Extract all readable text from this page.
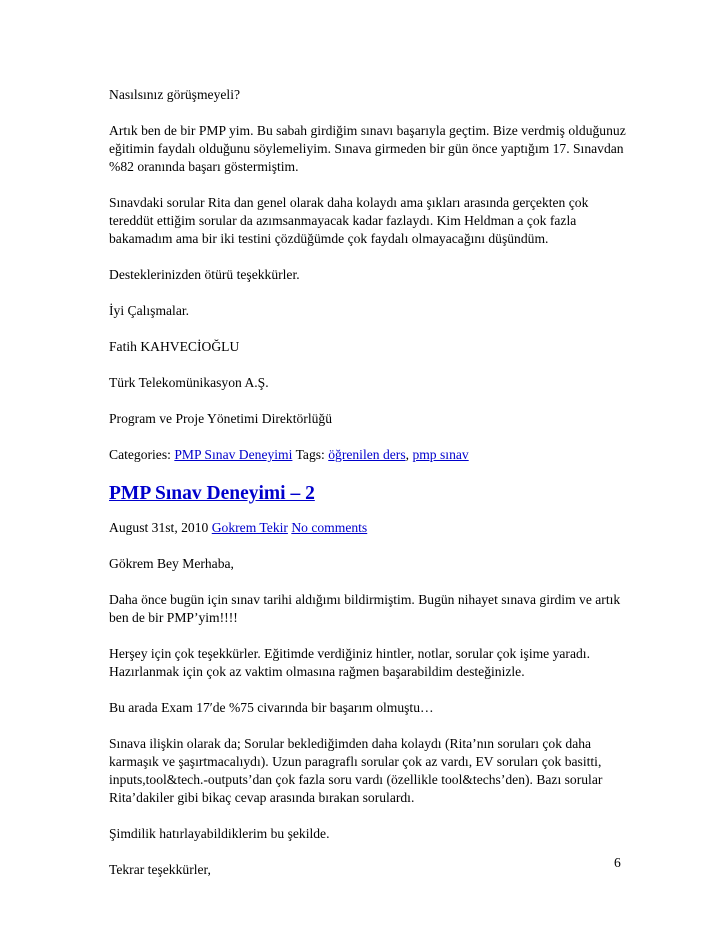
Nasılsınız görüşmeyeli?

Artık ben de bir PMP yim. Bu sabah girdiğim sınavı başarıyla geçtim. Bize verdmiş olduğunuz eğitimin faydalı olduğunu söylemeliyim. Sınava girmeden bir gün önce yaptığım 17. Sınavdan %82 oranında başarı göstermiştim.

Sınavdaki sorular Rita dan genel olarak daha kolaydı ama şıkları arasında gerçekten çok tereddüt ettiğim sorular da azımsanmayacak kadar fazlaydı. Kim Heldman a çok fazla bakamadım ama bir iki testini çözdüğümde çok faydalı olmayacağını düşündüm.

Desteklerinizden ötürü teşekkürler.

İyi Çalışmalar.

Fatih KAHVECİOĞLU

Türk Telekomünikasyon A.Ş.

Program ve Proje Yönetimi Direktörlüğü

Categories: PMP Sınav Deneyimi Tags: öğrenilen ders, pmp sınav

PMP Sınav Deneyimi – 2

August 31st, 2010 Gokrem Tekir No comments

Gökrem Bey Merhaba,

Daha önce bugün için sınav tarihi aldığımı bildirmiştim. Bugün nihayet sınava girdim ve artık ben de bir PMP’yim!!!!

Herşey için çok teşekkürler. Eğitimde verdiğiniz hintler, notlar, sorular çok işime yaradı. Hazırlanmak için çok az vaktim olmasına rağmen başarabildim desteğinizle.

Bu arada Exam 17′de %75 civarında bir başarım olmuştu…

Sınava ilişkin olarak da; Sorular beklediğimden daha kolaydı (Rita’nın soruları çok daha karmaşık ve şaşırtmacalıydı). Uzun paragraflı sorular çok az vardı, EV soruları çok basitti, inputs,tool&tech.-outputs’dan çok fazla soru vardı (özellikle tool&techs’den). Bazı sorular Rita’dakiler gibi bikaç cevap arasında bırakan sorulardı.

Şimdilik hatırlayabildiklerim bu şekilde.

Tekrar teşekkürler,	6
